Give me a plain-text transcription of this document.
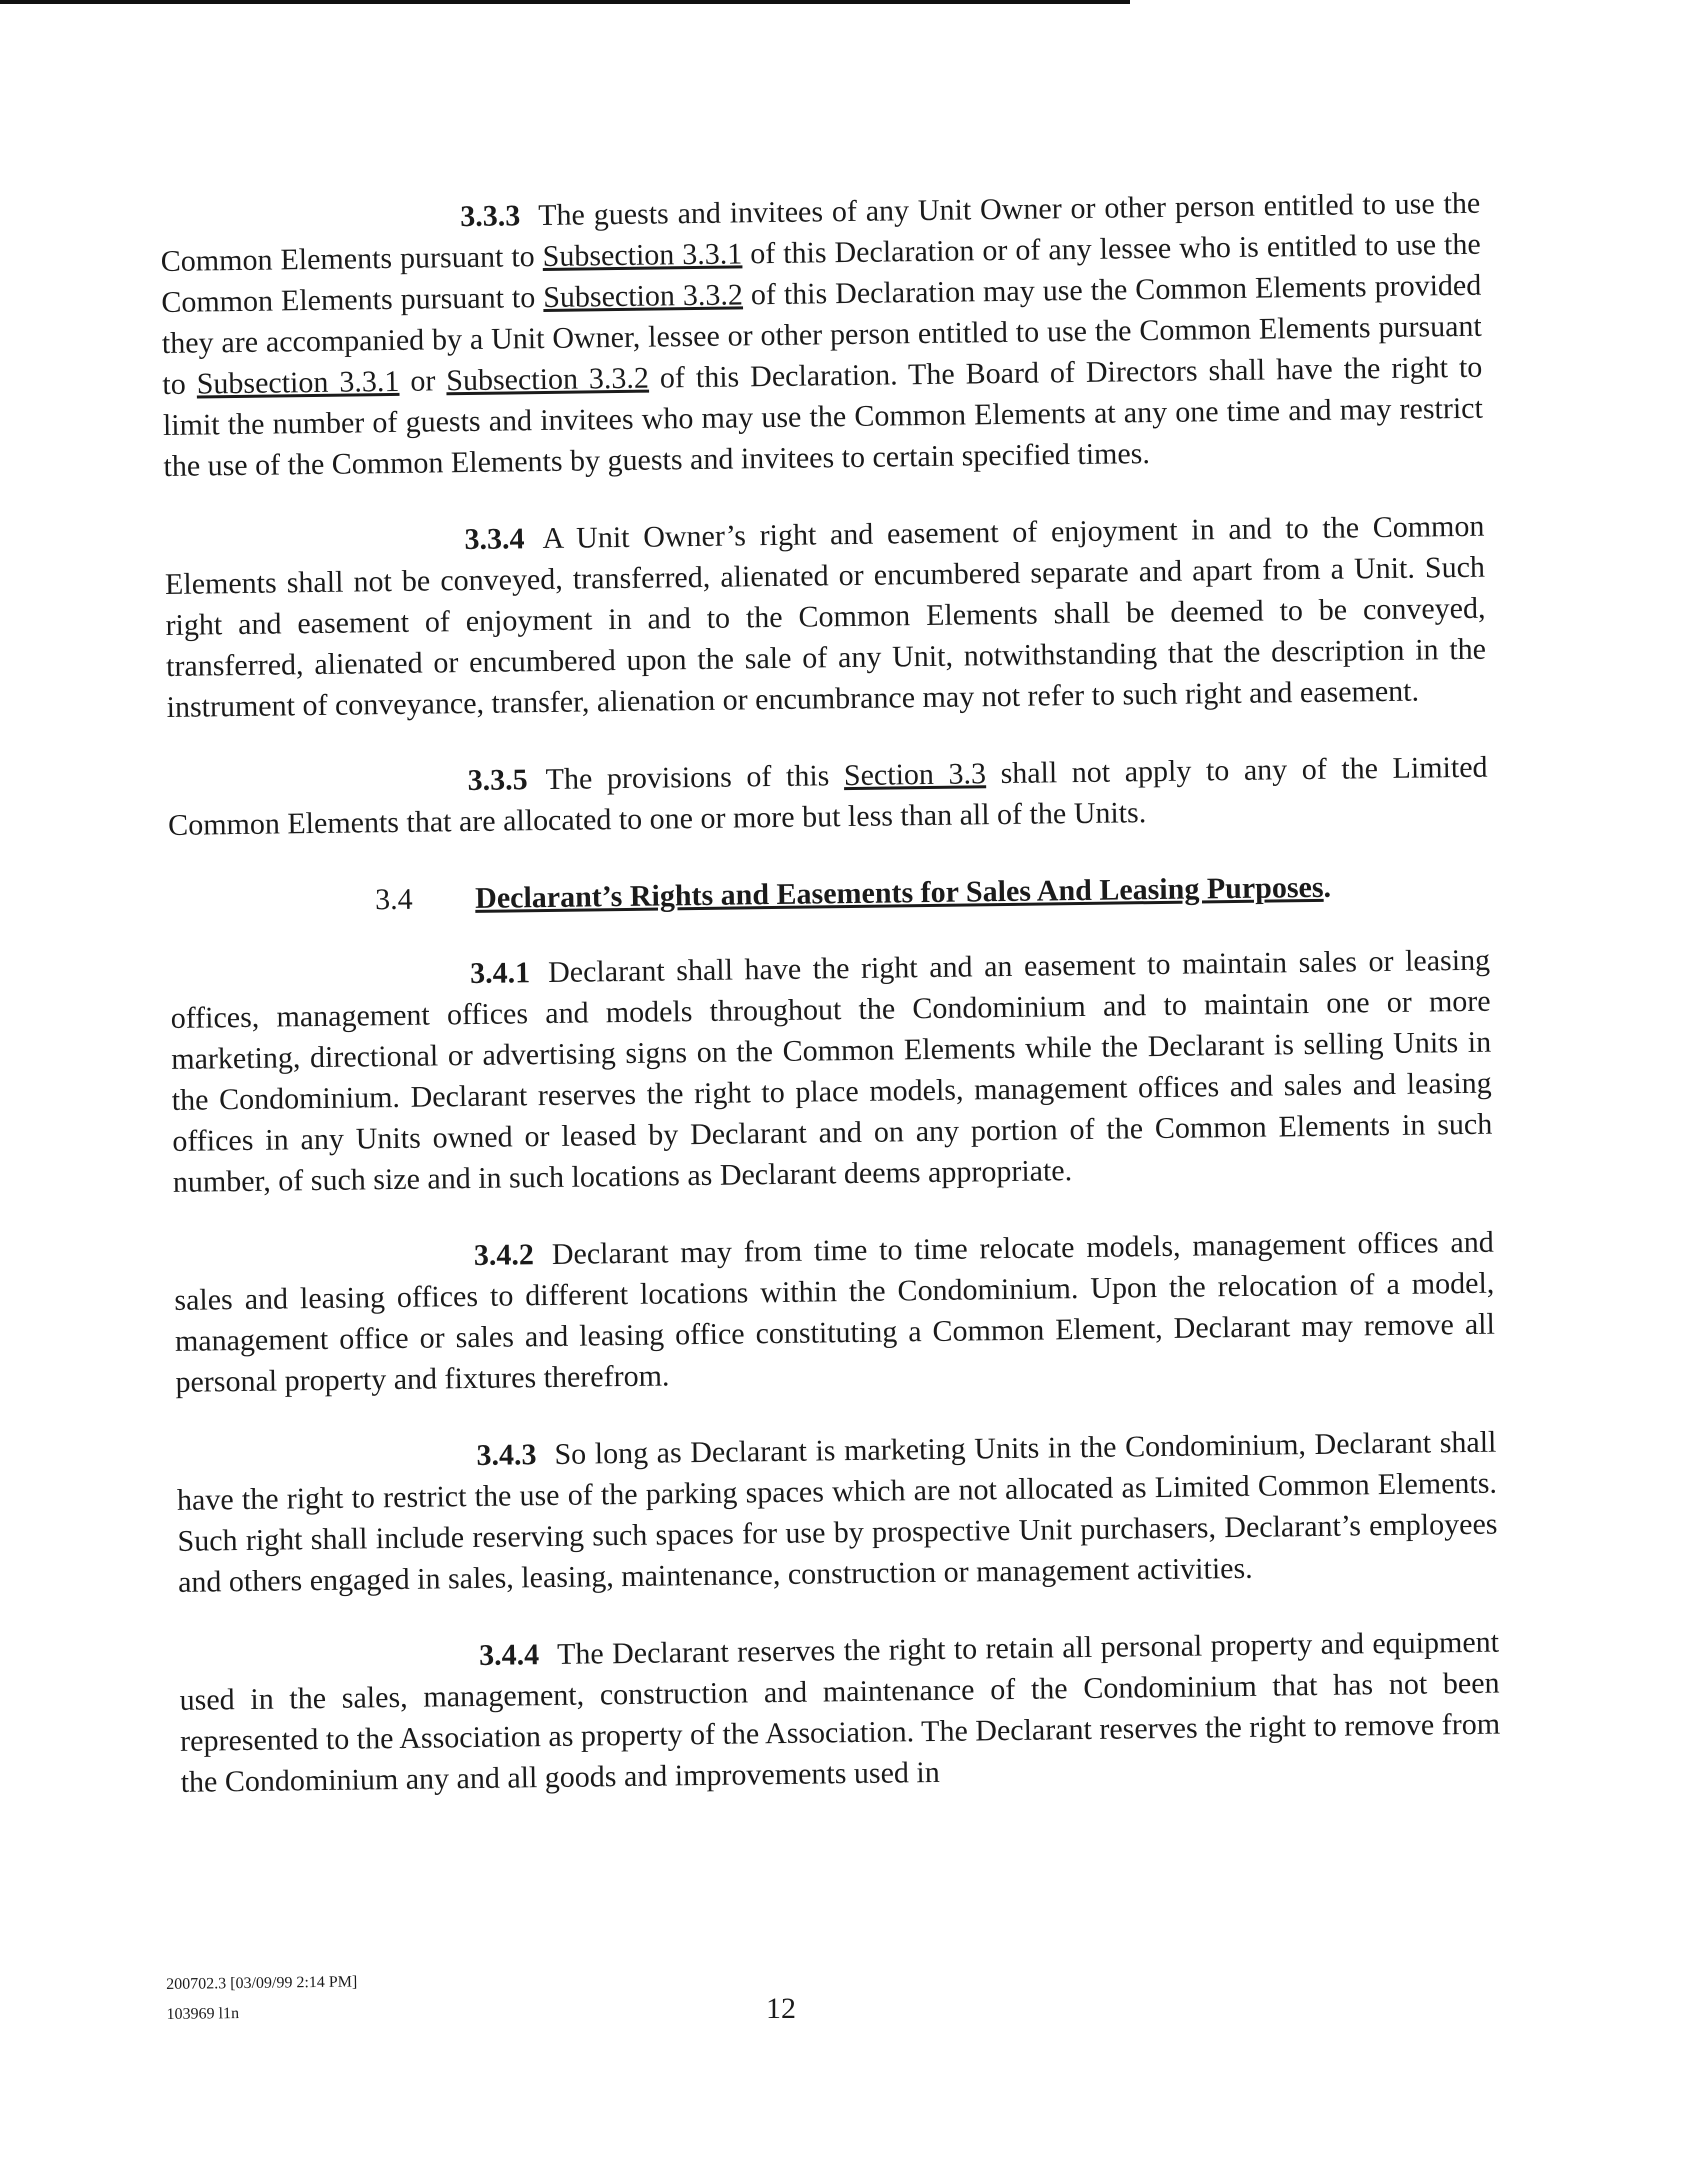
3.3.3 The guests and invitees of any Unit Owner or other person entitled to use the Common Elements pursuant to Subsection 3.3.1 of this Declaration or of any lessee who is entitled to use the Common Elements pursuant to Subsection 3.3.2 of this Declaration may use the Common Elements provided they are accompanied by a Unit Owner, lessee or other person entitled to use the Common Elements pursuant to Subsection 3.3.1 or Subsection 3.3.2 of this Declaration. The Board of Directors shall have the right to limit the number of guests and invitees who may use the Common Elements at any one time and may restrict the use of the Common Elements by guests and invitees to certain specified times.

3.3.4 A Unit Owner’s right and easement of enjoyment in and to the Common Elements shall not be conveyed, transferred, alienated or encumbered separate and apart from a Unit. Such right and easement of enjoyment in and to the Common Elements shall be deemed to be conveyed, transferred, alienated or encumbered upon the sale of any Unit, notwithstanding that the description in the instrument of conveyance, transfer, alienation or encumbrance may not refer to such right and easement.

3.3.5 The provisions of this Section 3.3 shall not apply to any of the Limited Common Elements that are allocated to one or more but less than all of the Units.

3.4 Declarant’s Rights and Easements for Sales And Leasing Purposes.

3.4.1 Declarant shall have the right and an easement to maintain sales or leasing offices, management offices and models throughout the Condominium and to maintain one or more marketing, directional or advertising signs on the Common Elements while the Declarant is selling Units in the Condominium. Declarant reserves the right to place models, management offices and sales and leasing offices in any Units owned or leased by Declarant and on any portion of the Common Elements in such number, of such size and in such locations as Declarant deems appropriate.

3.4.2 Declarant may from time to time relocate models, management offices and sales and leasing offices to different locations within the Condominium. Upon the relocation of a model, management office or sales and leasing office constituting a Common Element, Declarant may remove all personal property and fixtures therefrom.

3.4.3 So long as Declarant is marketing Units in the Condominium, Declarant shall have the right to restrict the use of the parking spaces which are not allocated as Limited Common Elements. Such right shall include reserving such spaces for use by prospective Unit purchasers, Declarant’s employees and others engaged in sales, leasing, maintenance, construction or management activities.

3.4.4 The Declarant reserves the right to retain all personal property and equipment used in the sales, management, construction and maintenance of the Condominium that has not been represented to the Association as property of the Association. The Declarant reserves the right to remove from the Condominium any and all goods and improvements used in

200702.3 [03/09/99 2:14 PM]
103969 l1n	12
